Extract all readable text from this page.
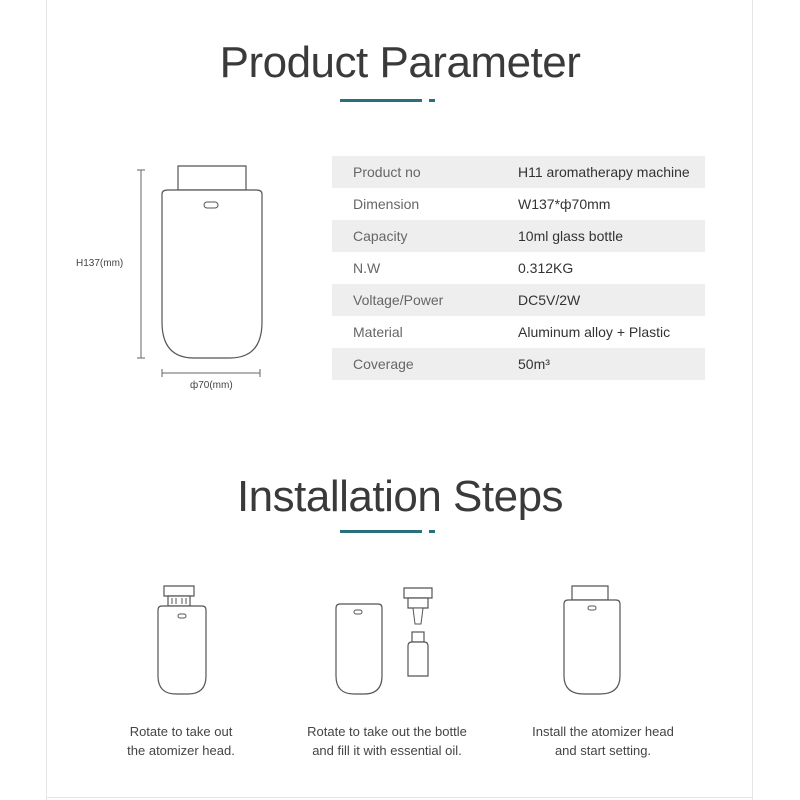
Product Parameter
H137(mm)
ф70(mm)
Product no	H11 aromatherapy machine
Dimension	W137*ф70mm
Capacity	10ml glass bottle
N.W	0.312KG
Voltage/Power	DC5V/2W
Material	Aluminum alloy + Plastic
Coverage	50m³
Installation Steps
Rotate to take out
the atomizer head.
Rotate to take out the bottle
and fill it with essential oil.
Install the atomizer head
and start setting.
